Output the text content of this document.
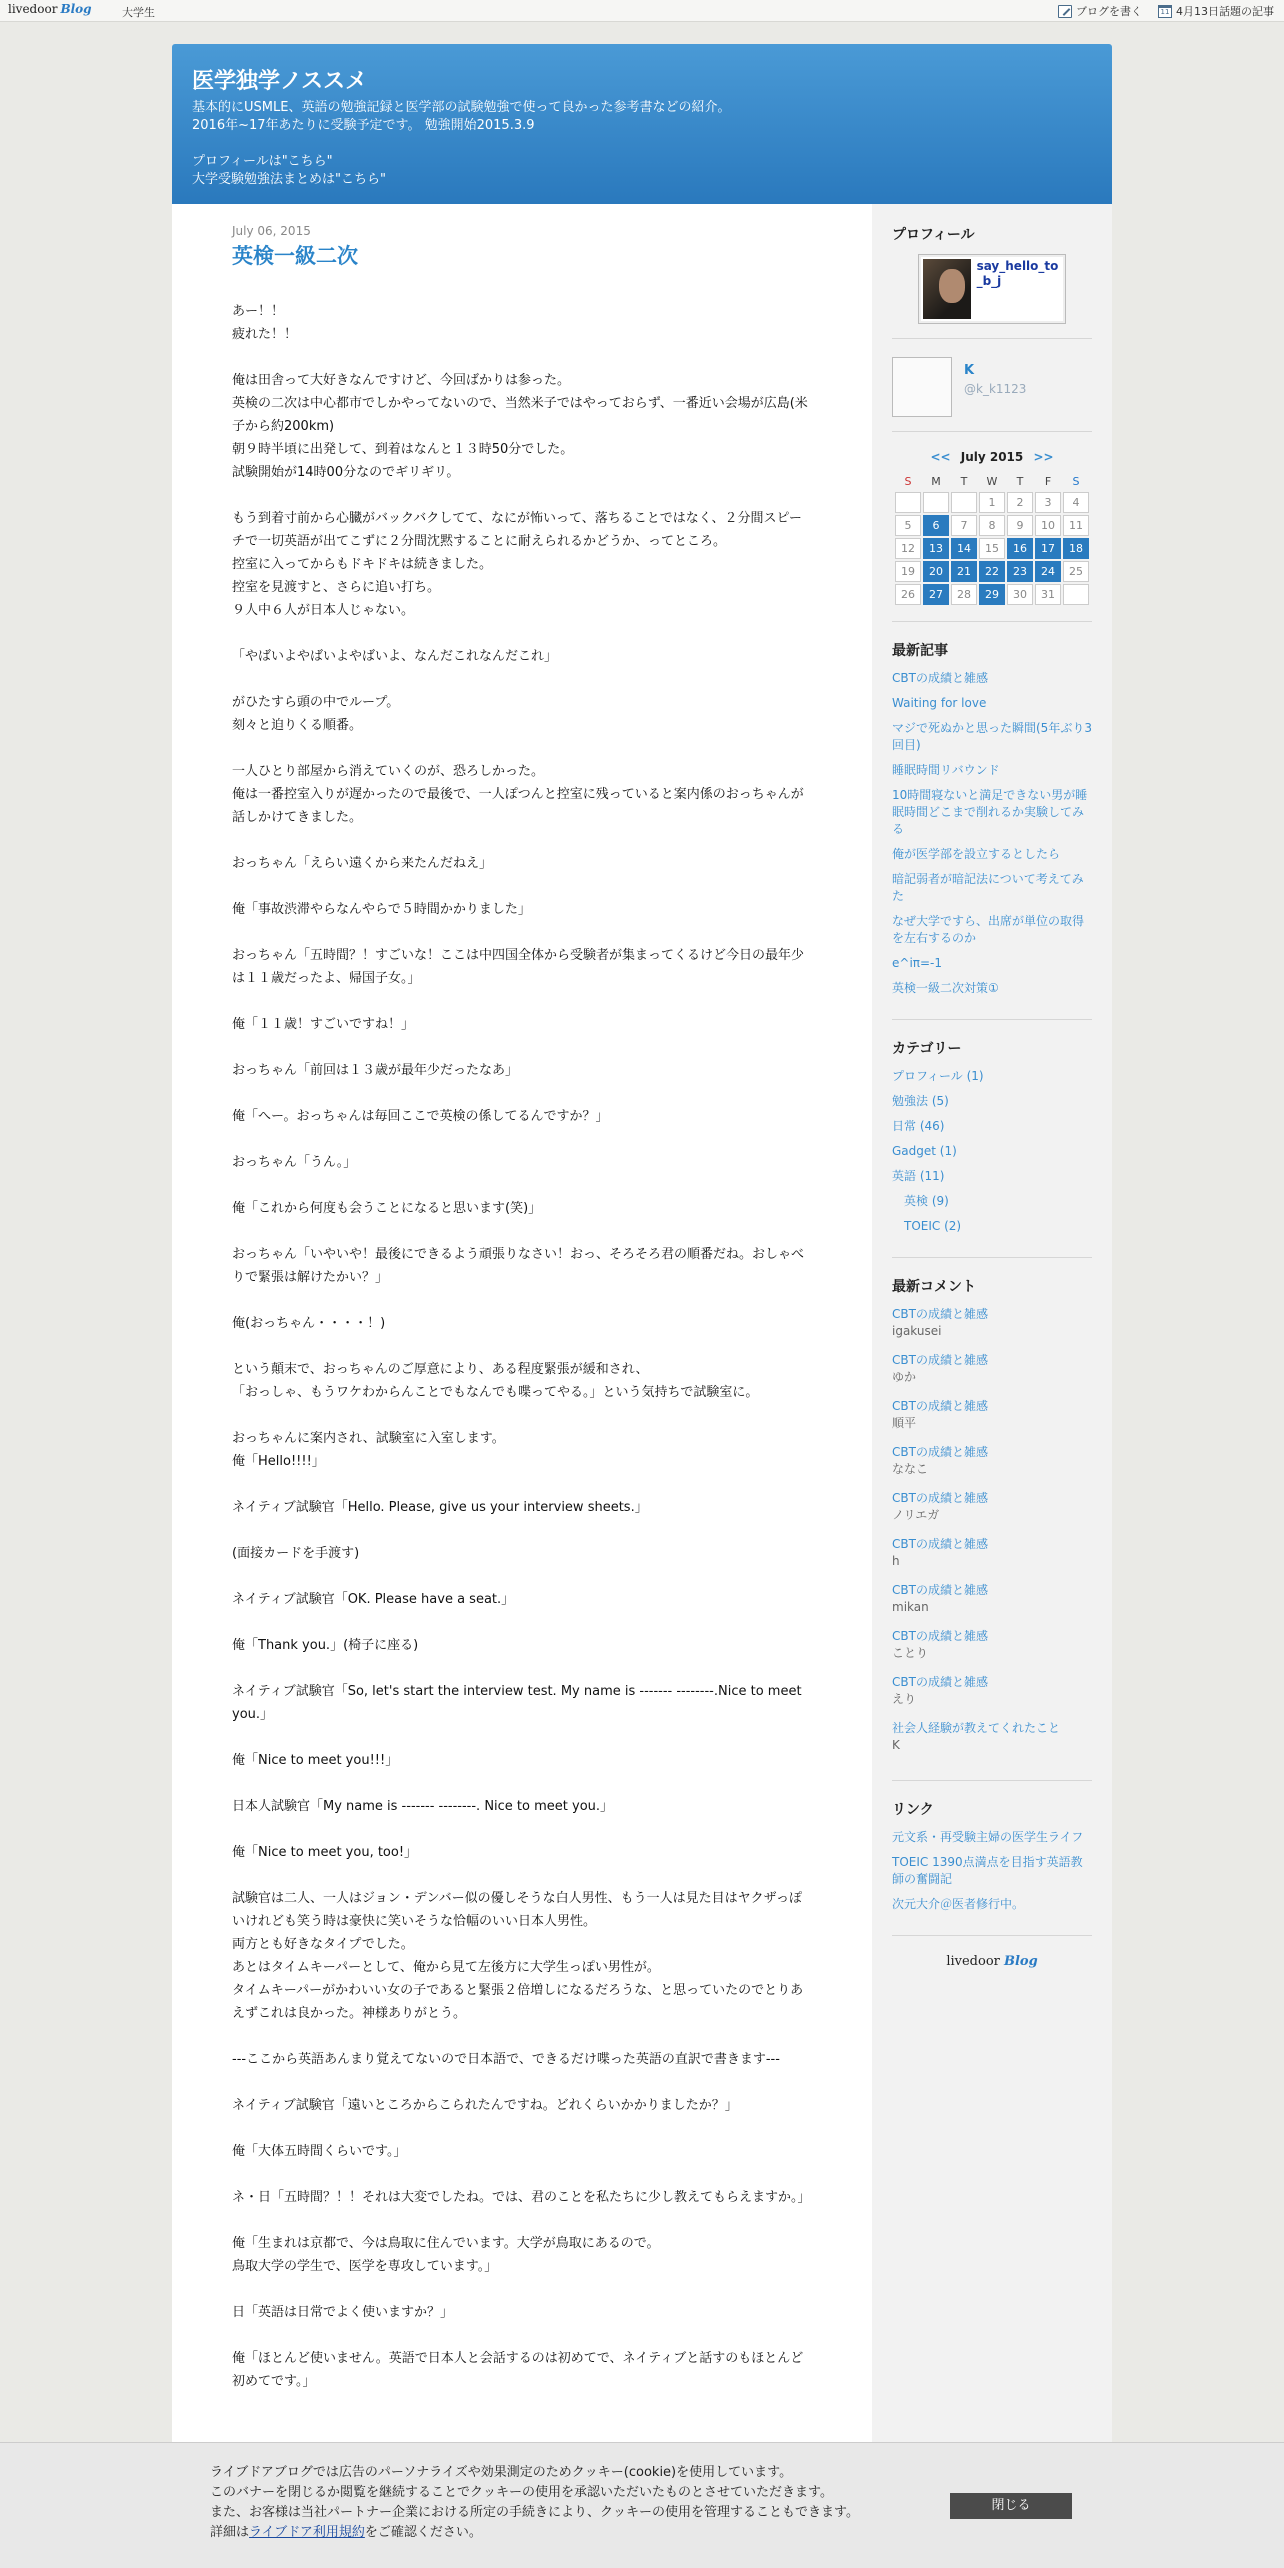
livedoor Blog	大学生	ブログを書く	11 4月13日話題の記事
医学独学ノススメ
基本的にUSMLE、英語の勉強記録と医学部の試験勉強で使って良かった参考書などの紹介。
2016年~17年あたりに受験予定です。 勉強開始2015.3.9

プロフィールは"こちら"
大学受験勉強法まとめは"こちら"
July 06, 2015
英検一級二次

あー！！
疲れた！！

俺は田舎って大好きなんですけど、今回ばかりは参った。
英検の二次は中心都市でしかやってないので、当然米子ではやっておらず、一番近い会場が広島(米子から約200km)
朝９時半頃に出発して、到着はなんと１３時50分でした。
試験開始が14時00分なのでギリギリ。

もう到着寸前から心臓がバックバクしてて、なにが怖いって、落ちることではなく、２分間スピーチで一切英語が出てこずに２分間沈黙することに耐えられるかどうか、ってところ。
控室に入ってからもドキドキは続きました。
控室を見渡すと、さらに追い打ち。
９人中６人が日本人じゃない。

「やばいよやばいよやばいよ、なんだこれなんだこれ」

がひたすら頭の中でループ。
刻々と迫りくる順番。

一人ひとり部屋から消えていくのが、恐ろしかった。
俺は一番控室入りが遅かったので最後で、一人ぽつんと控室に残っていると案内係のおっちゃんが話しかけてきました。

おっちゃん「えらい遠くから来たんだねえ」

俺「事故渋滞やらなんやらで５時間かかりました」

おっちゃん「五時間？！すごいな！ここは中四国全体から受験者が集まってくるけど今日の最年少は１１歳だったよ、帰国子女。」

俺「１１歳！すごいですね！」

おっちゃん「前回は１３歳が最年少だったなあ」

俺「へー。おっちゃんは毎回ここで英検の係してるんですか？」

おっちゃん「うん。」

俺「これから何度も会うことになると思います(笑)」

おっちゃん「いやいや！最後にできるよう頑張りなさい！おっ、そろそろ君の順番だね。おしゃべりで緊張は解けたかい？」

俺(おっちゃん・・・・！)

という顛末で、おっちゃんのご厚意により、ある程度緊張が緩和され、
「おっしゃ、もうワケわからんことでもなんでも喋ってやる。」という気持ちで試験室に。

おっちゃんに案内され、試験室に入室します。
俺「Hello!!!!」

ネイティブ試験官「Hello. Please, give us your interview sheets.」

(面接カードを手渡す)

ネイティブ試験官「OK. Please have a seat.」

俺「Thank you.」(椅子に座る)

ネイティブ試験官「So, let's start the interview test. My name is ------- --------.Nice to meet you.」

俺「Nice to meet you!!!」

日本人試験官「My name is ------- --------. Nice to meet you.」

俺「Nice to meet you, too!」

試験官は二人、一人はジョン・デンバー似の優しそうな白人男性、もう一人は見た目はヤクザっぽいけれども笑う時は豪快に笑いそうな恰幅のいい日本人男性。
両方とも好きなタイプでした。
あとはタイムキーパーとして、俺から見て左後方に大学生っぽい男性が。
タイムキーパーがかわいい女の子であると緊張２倍増しになるだろうな、と思っていたのでとりあえずこれは良かった。神様ありがとう。

---ここから英語あんまり覚えてないので日本語で、できるだけ喋った英語の直訳で書きます---

ネイティブ試験官「遠いところからこられたんですね。どれくらいかかりましたか？」

俺「大体五時間くらいです。」

ネ・日「五時間？！！それは大変でしたね。では、君のことを私たちに少し教えてもらえますか。」

俺「生まれは京都で、今は鳥取に住んでいます。大学が鳥取にあるので。
鳥取大学の学生で、医学を専攻しています。」

日「英語は日常でよく使いますか？」

俺「ほとんど使いません。英語で日本人と会話するのは初めてで、ネイティブと話すのもほとんど初めてです。」

プロフィール
say_hello_to_b_j
K
@k_k1123
<< July 2015 >>
S	M	T	W	T	F	S
			1	2	3	4
5	6	7	8	9	10	11
12	13	14	15	16	17	18
19	20	21	22	23	24	25
26	27	28	29	30	31	
最新記事
CBTの成績と雑感
Waiting for love
マジで死ぬかと思った瞬間(5年ぶり3回目)
睡眠時間リバウンド
10時間寝ないと満足できない男が睡眠時間どこまで削れるか実験してみる
俺が医学部を設立するとしたら
暗記弱者が暗記法について考えてみた
なぜ大学ですら、出席が単位の取得を左右するのか
e^iπ=-1
英検一級二次対策①
カテゴリー
プロフィール (1)
勉強法 (5)
日常 (46)
Gadget (1)
英語 (11)
英検 (9)
TOEIC (2)
最新コメント
CBTの成績と雑感
igakusei
CBTの成績と雑感
ゆか
CBTの成績と雑感
順平
CBTの成績と雑感
ななこ
CBTの成績と雑感
ノリエガ
CBTの成績と雑感
h
CBTの成績と雑感
mikan
CBTの成績と雑感
ことり
CBTの成績と雑感
えり
社会人経験が教えてくれたこと
K
リンク
元文系・再受験主婦の医学生ライフ
TOEIC 1390点満点を目指す英語教師の奮闘記
次元大介＠医者修行中。
livedoor Blog
ライブドアブログでは広告のパーソナライズや効果測定のためクッキー(cookie)を使用しています。
このバナーを閉じるか閲覧を継続することでクッキーの使用を承認いただいたものとさせていただきます。
また、お客様は当社パートナー企業における所定の手続きにより、クッキーの使用を管理することもできます。
詳細はライブドア利用規約をご確認ください。
閉じる
